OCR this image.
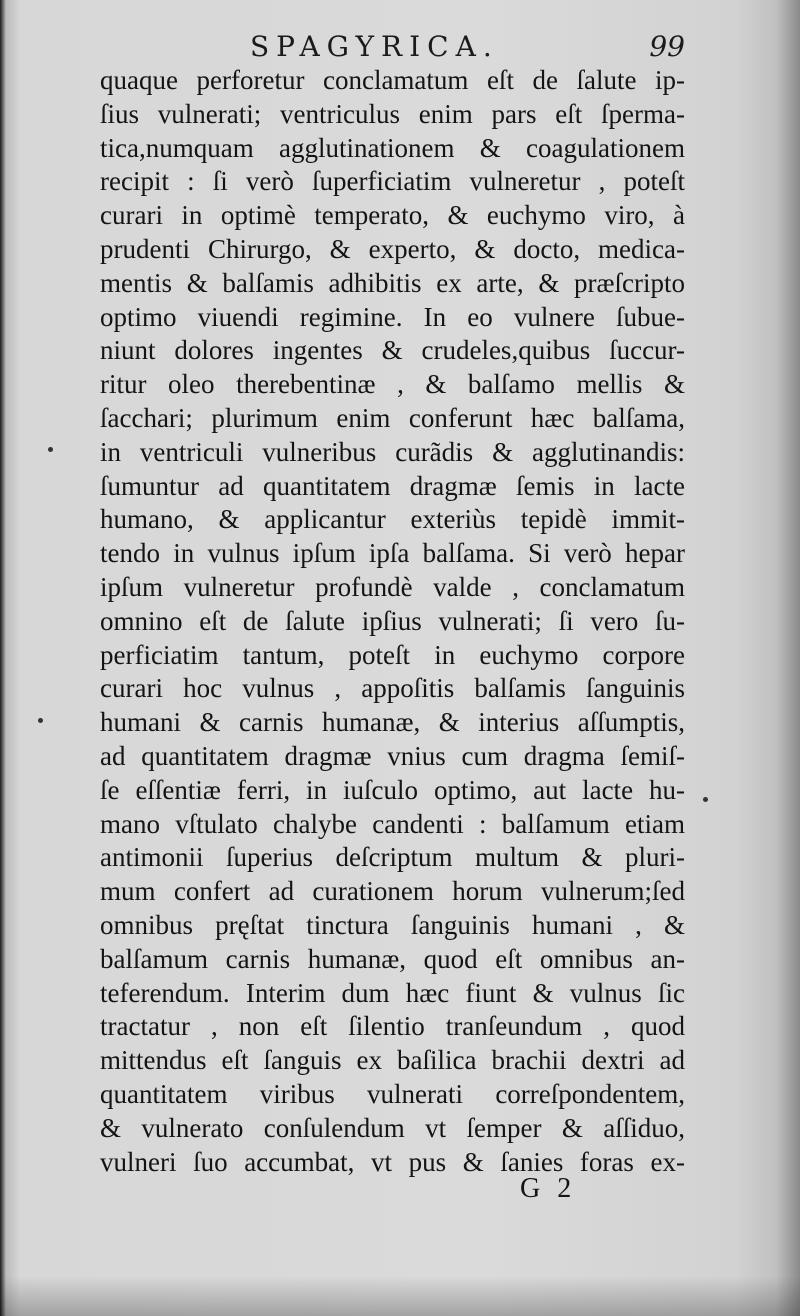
SPAGYRICA.	99
quaque perforetur conclamatum eſt de ſalute ip-
ſius vulnerati; ventriculus enim pars eſt ſperma-
tica,numquam agglutinationem & coagulationem
recipit : ſi verò ſuperficiatim vulneretur , poteſt
curari in optimè temperato, & euchymo viro, à
prudenti Chirurgo, & experto, & docto, medica-
mentis & balſamis adhibitis ex arte, & præſcripto
optimo viuendi regimine. In eo vulnere ſubue-
niunt dolores ingentes & crudeles,quibus ſuccur-
ritur oleo therebentinæ , & balſamo mellis &
ſacchari; plurimum enim conferunt hæc balſama,
in ventriculi vulneribus curãdis & agglutinandis:
ſumuntur ad quantitatem dragmæ ſemis in lacte
humano, & applicantur exteriùs tepidè immit-
tendo in vulnus ipſum ipſa balſama. Si verò hepar
ipſum vulneretur profundè valde , conclamatum
omnino eſt de ſalute ipſius vulnerati; ſi vero ſu-
perficiatim tantum, poteſt in euchymo corpore
curari hoc vulnus , appoſitis balſamis ſanguinis
humani & carnis humanæ, & interius aſſumptis,
ad quantitatem dragmæ vnius cum dragma ſemiſ-
ſe eſſentiæ ferri, in iuſculo optimo, aut lacte hu-
mano vſtulato chalybe candenti : balſamum etiam
antimonii ſuperius deſcriptum multum & pluri-
mum confert ad curationem horum vulnerum;ſed
omnibus pręſtat tinctura ſanguinis humani , &
balſamum carnis humanæ, quod eſt omnibus an-
teferendum. Interim dum hæc fiunt & vulnus ſic
tractatur , non eſt ſilentio tranſeundum , quod
mittendus eſt ſanguis ex baſilica brachii dextri ad
quantitatem viribus vulnerati correſpondentem,
& vulnerato conſulendum vt ſemper & aſſiduo,
vulneri ſuo accumbat, vt pus & ſanies foras ex-
G 2
